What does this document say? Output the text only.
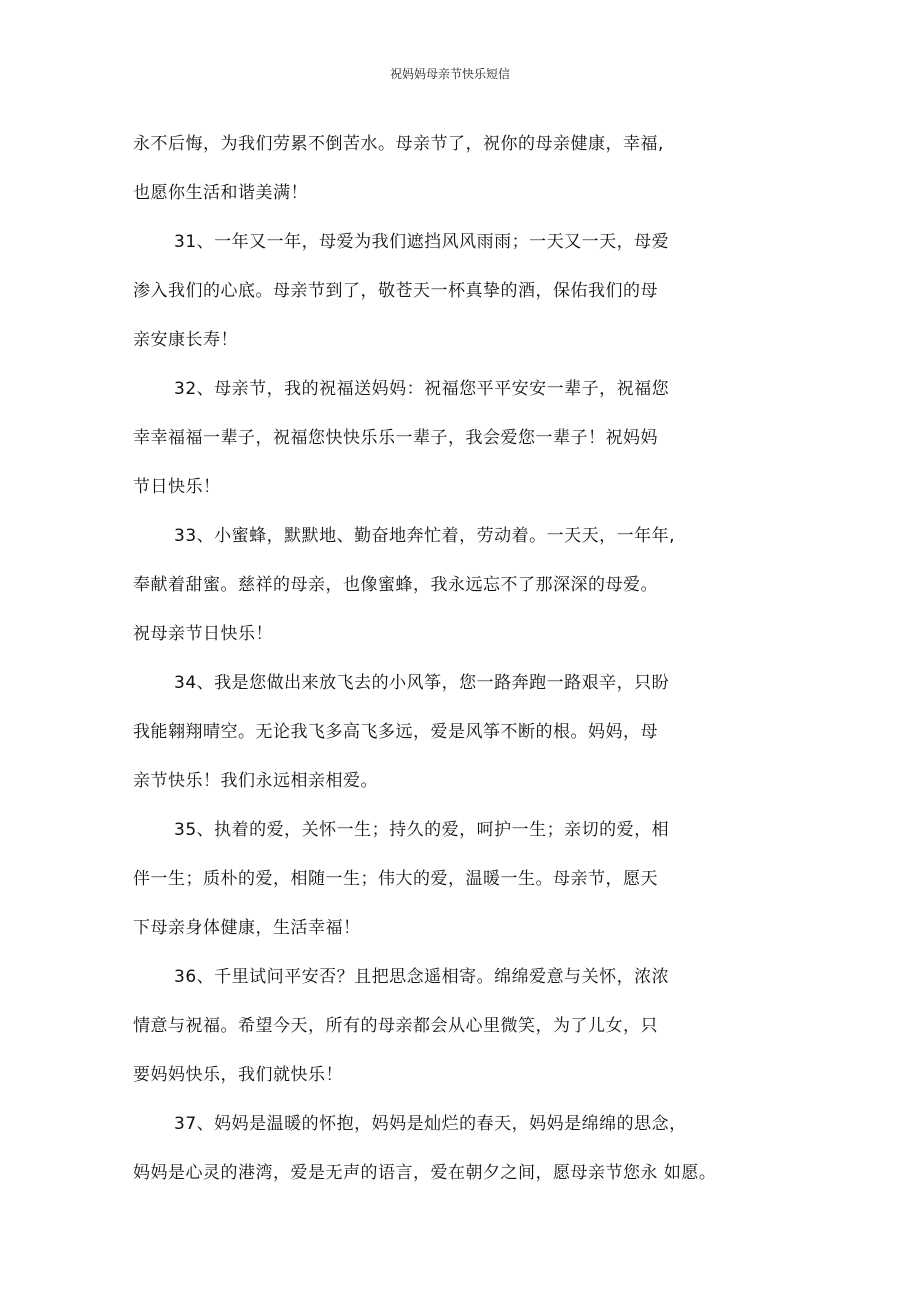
祝妈妈母亲节快乐短信
永不后悔，为我们劳累不倒苦水。母亲节了，祝你的母亲健康，幸福,
也愿你生活和谐美满！
31、一年又一年，母爱为我们遮挡风风雨雨；一天又一天，母爱
渗入我们的心底。母亲节到了，敬苍天一杯真挚的酒，保佑我们的母
亲安康长寿！
32、母亲节，我的祝福送妈妈：祝福您平平安安一辈子，祝福您
幸幸福福一辈子，祝福您快快乐乐一辈子，我会爱您一辈子！祝妈妈
节日快乐！
33、小蜜蜂，默默地、勤奋地奔忙着，劳动着。一天天，一年年,
奉献着甜蜜。慈祥的母亲，也像蜜蜂，我永远忘不了那深深的母爱。
祝母亲节日快乐！
34、我是您做出来放飞去的小风筝，您一路奔跑一路艰辛，只盼
我能翱翔晴空。无论我飞多高飞多远，爱是风筝不断的根。妈妈，母
亲节快乐！我们永远相亲相爱。
35、执着的爱，关怀一生；持久的爱，呵护一生；亲切的爱，相
伴一生；质朴的爱，相随一生；伟大的爱，温暖一生。母亲节，愿天
下母亲身体健康，生活幸福！
36、千里试问平安否？且把思念遥相寄。绵绵爱意与关怀，浓浓
情意与祝福。希望今天，所有的母亲都会从心里微笑，为了儿女，只
要妈妈快乐，我们就快乐！
37、妈妈是温暖的怀抱，妈妈是灿烂的春天，妈妈是绵绵的思念，
妈妈是心灵的港湾，爱是无声的语言，爱在朝夕之间，愿母亲节您永 如愿。
